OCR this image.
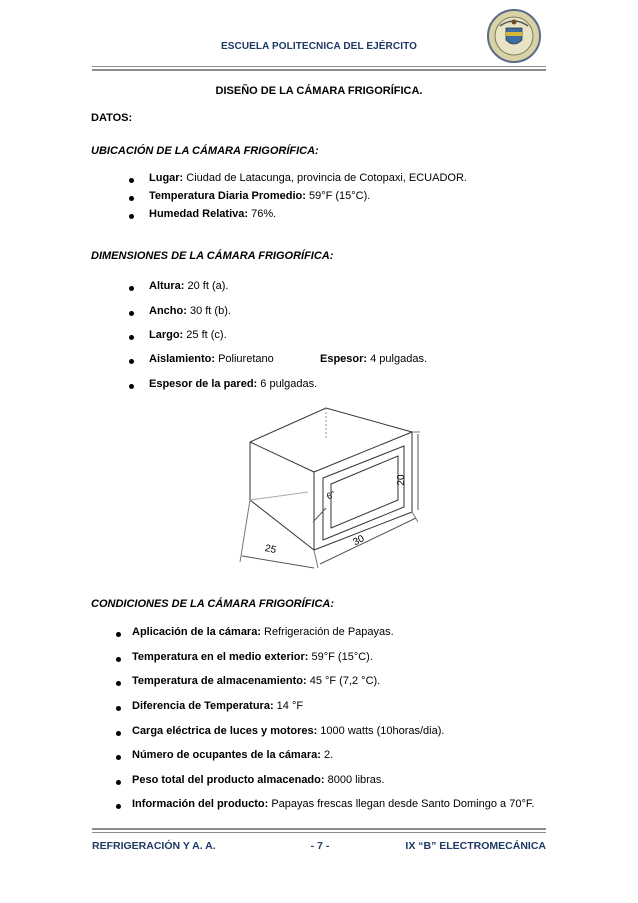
ESCUELA POLITECNICA DEL EJÉRCITO
DISEÑO DE LA CÁMARA FRIGORÍFICA.
DATOS:
UBICACIÓN DE LA CÁMARA FRIGORÍFICA:
Lugar: Ciudad de Latacunga, provincia de Cotopaxi, ECUADOR.
Temperatura Diaria Promedio: 59°F (15°C).
Humedad Relativa: 76%.
DIMENSIONES DE LA CÁMARA FRIGORÍFICA:
Altura: 20 ft (a).
Ancho: 30 ft (b).
Largo: 25 ft (c).
Aislamiento: Poliuretano	Espesor: 4 pulgadas.
Espesor de la pared: 6 pulgadas.
20
30
25
6"
CONDICIONES DE LA CÁMARA FRIGORÍFICA:
Aplicación de la cámara: Refrigeración de Papayas.
Temperatura en el medio exterior: 59°F (15°C).
Temperatura de almacenamiento: 45 °F (7,2 °C).
Diferencia de Temperatura: 14 °F
Carga eléctrica de luces y motores: 1000 watts (10horas/dia).
Número de ocupantes de la cámara: 2.
Peso total del producto almacenado: 8000 libras.
Información del producto: Papayas frescas llegan desde Santo Domingo a 70°F.
REFRIGERACIÓN Y A. A.	- 7 -	IX “B” ELECTROMECÁNICA
